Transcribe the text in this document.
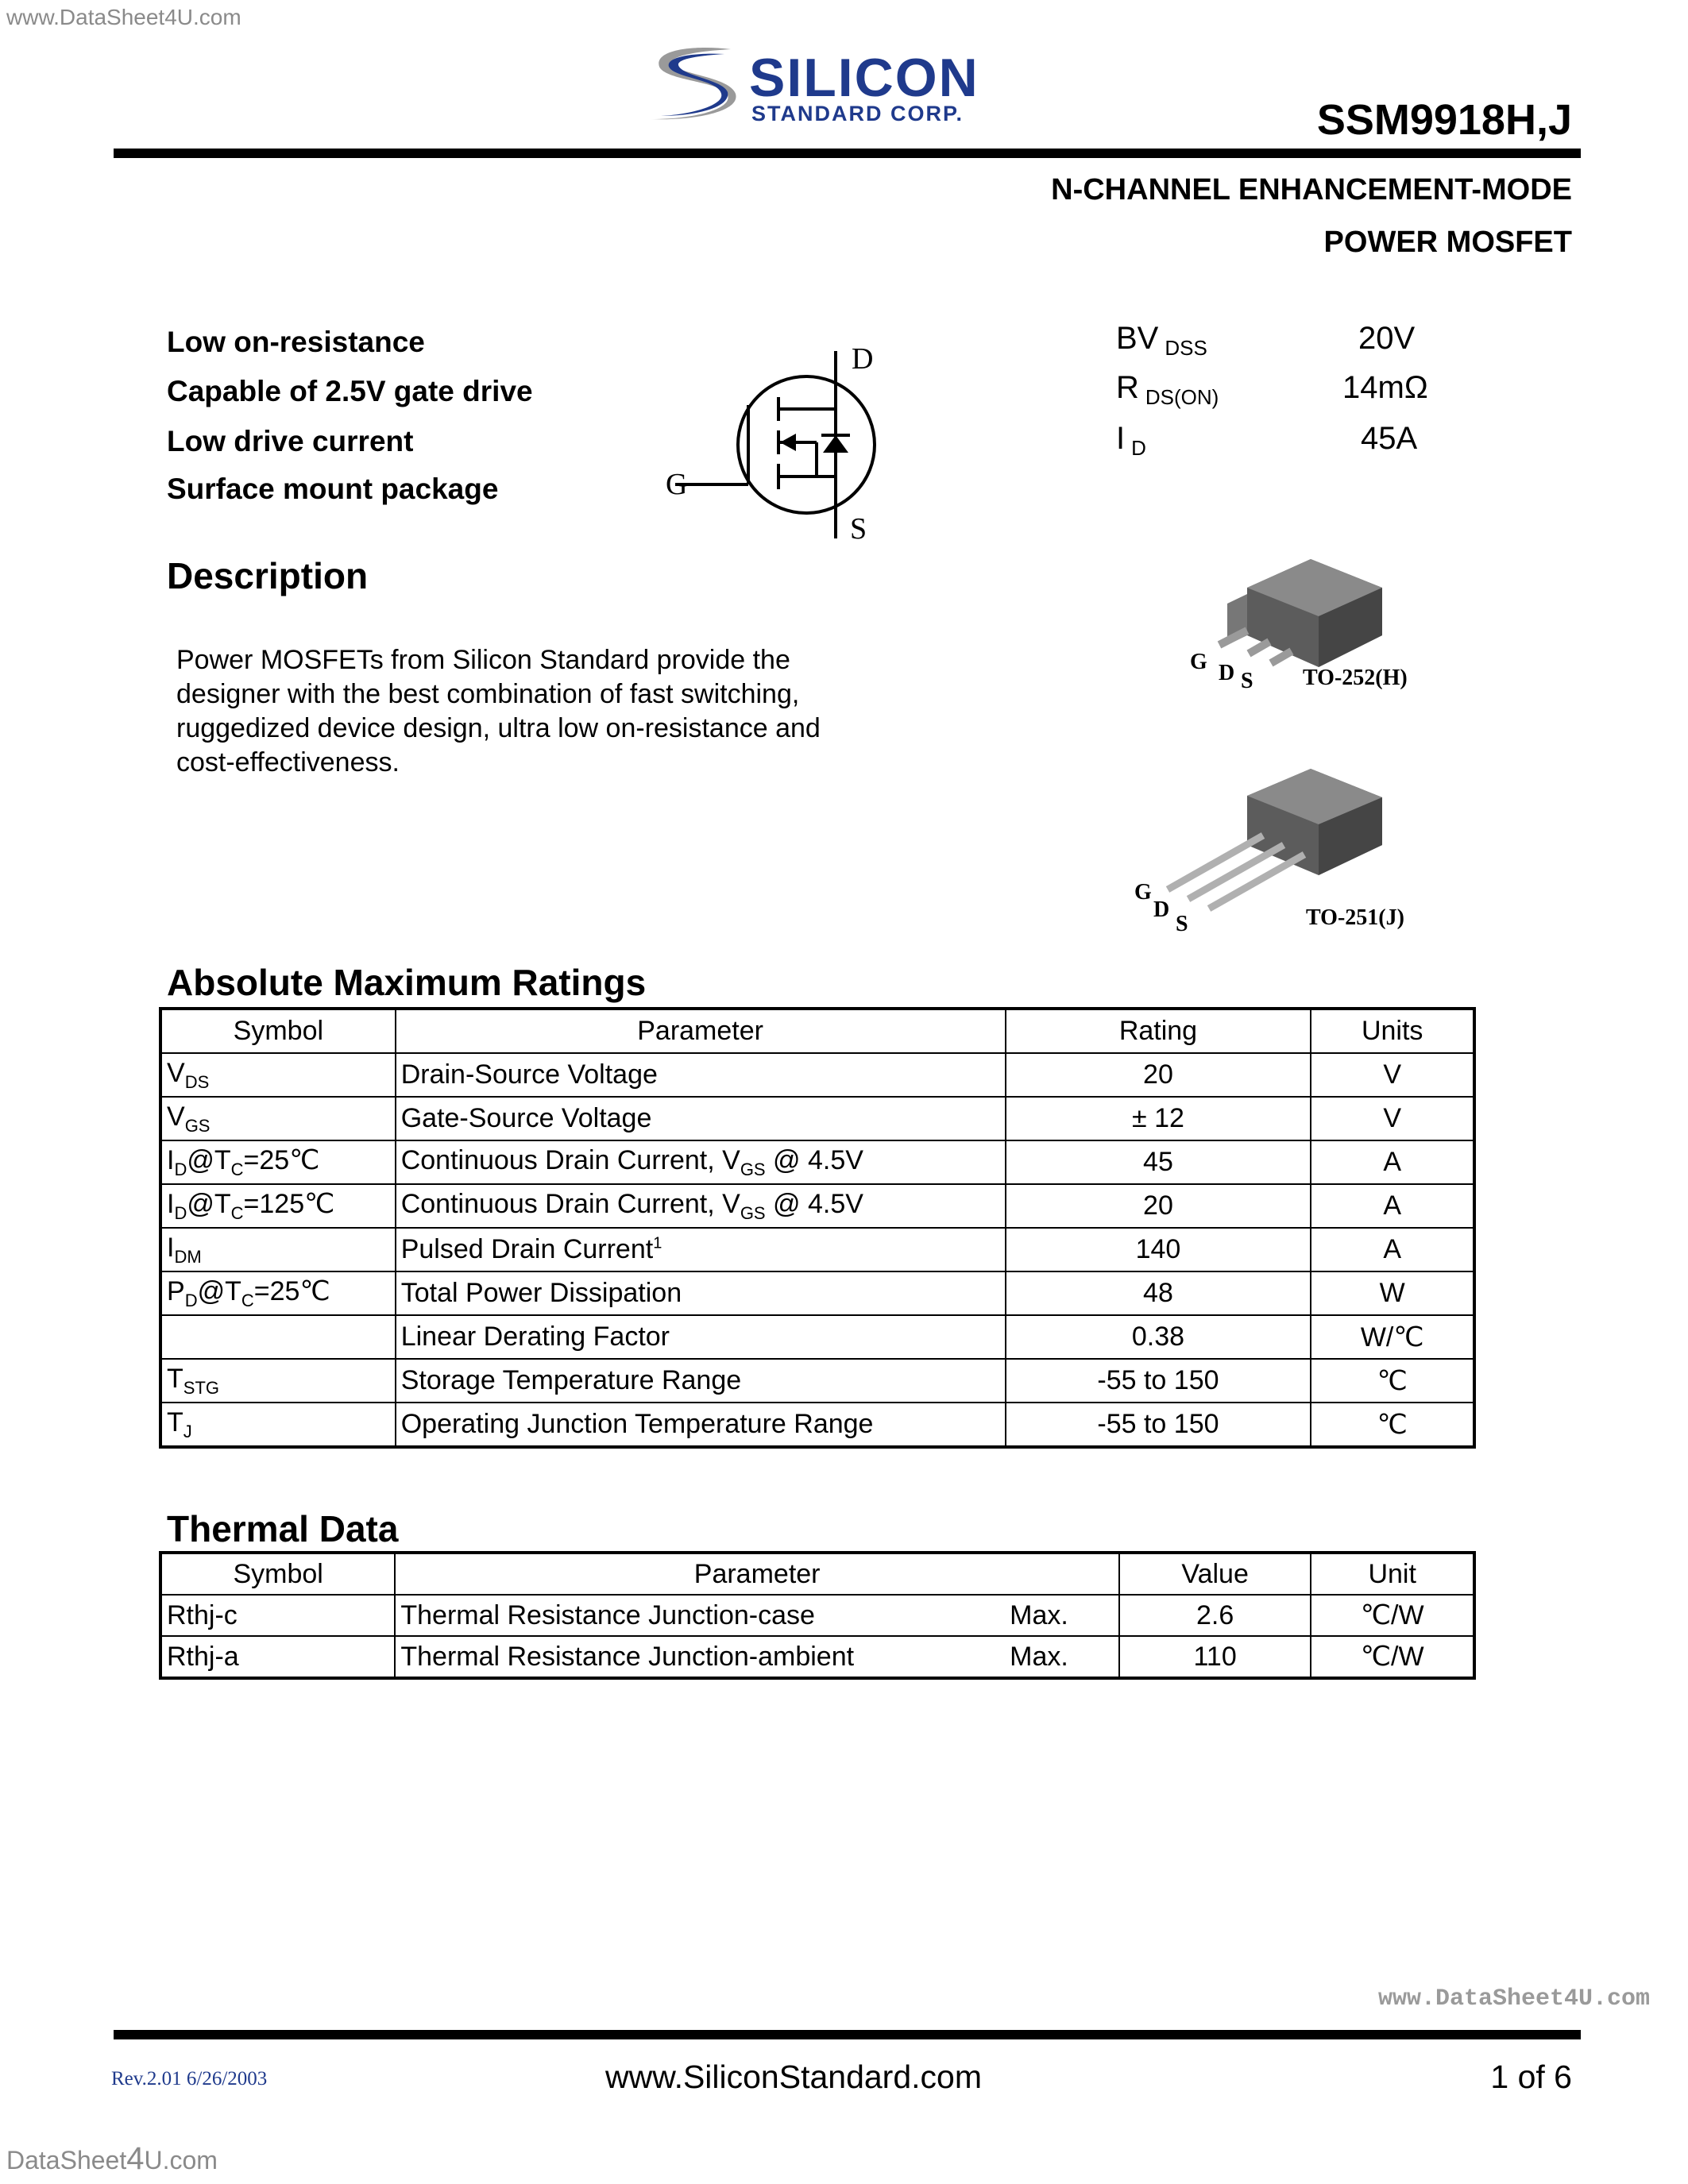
www.DataSheet4U.com
SILICON
STANDARD CORP.	SSM9918H,J
N-CHANNEL ENHANCEMENT-MODE
POWER MOSFET
Low on-resistance
Capable of 2.5V gate drive
Low drive current
Surface mount package
D
G
S
BV $_{DSS}$	20V
R $_{DS(ON)}$	14mΩ
I $_D$	45A
Description
Power MOSFETs from Silicon Standard provide the
designer with the best combination of fast switching,
ruggedized device design, ultra low on-resistance and
cost-effectiveness.
G D S TO-252(H)
G
D
S	TO-251(J)
Absolute Maximum Ratings
Symbol	Parameter	Rating	Units
$V_{DS}$	Drain-Source Voltage	20	V
$V_{GS}$	Gate-Source Voltage	± 12	V
$I_D@T_C=25℃$	Continuous Drain Current, $V_{GS}$ @ 4.5V	45	A
$I_D@T_C=125℃$	Continuous Drain Current, $V_{GS}$ @ 4.5V	20	A
$I_{DM}$	Pulsed Drain Current$^1$	140	A
$P_D@T_C=25℃$	Total Power Dissipation	48	W
	Linear Derating Factor	0.38	W/℃
$T_{STG}$	Storage Temperature Range	-55 to 150	℃
$T_J$	Operating Junction Temperature Range	-55 to 150	℃
Thermal Data
Symbol	Parameter		Value	Unit
Rthj-c	Thermal Resistance Junction-case	Max.	2.6	℃/W
Rthj-a	Thermal Resistance Junction-ambient	Max.	110	℃/W
www.DataSheet4U.com
Rev.2.01 6/26/2003	www.SiliconStandard.com	1 of 6
DataSheet4U.com
